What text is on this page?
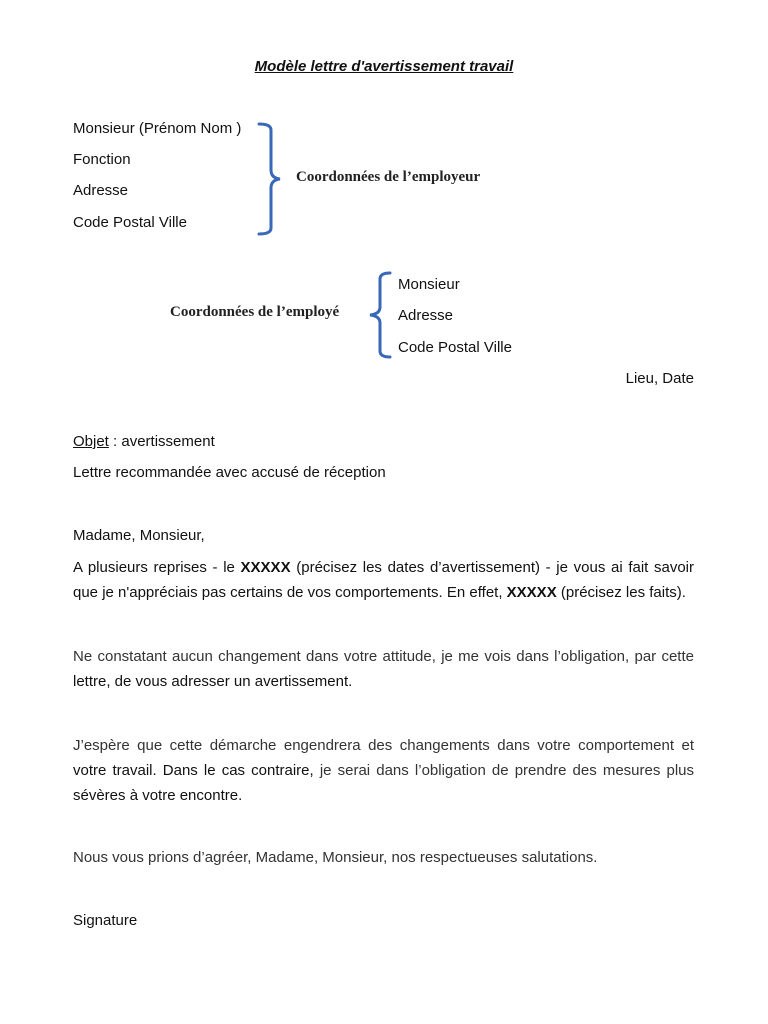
Modèle lettre d'avertissement travail
Monsieur (Prénom Nom )
Fonction
Adresse
Code Postal Ville
Coordonnées de l’employeur
Coordonnées de l’employé
Monsieur
Adresse
Code Postal Ville
Lieu, Date
Objet : avertissement
Lettre recommandée avec accusé de réception
Madame, Monsieur,
A plusieurs reprises - le XXXXX (précisez les dates d’avertissement) - je vous ai fait savoir que je n'appréciais pas certains de vos comportements. En effet, XXXXX (précisez les faits).
Ne constatant aucun changement dans votre attitude, je me vois dans l’obligation, par cette
lettre, de vous adresser un avertissement.
J’espère que cette démarche engendrera des changements dans votre comportement et
votre travail. Dans le cas contraire, je serai dans l’obligation de prendre des mesures plus
sévères à votre encontre.
Nous vous prions d’agréer, Madame, Monsieur, nos respectueuses salutations.
Signature
